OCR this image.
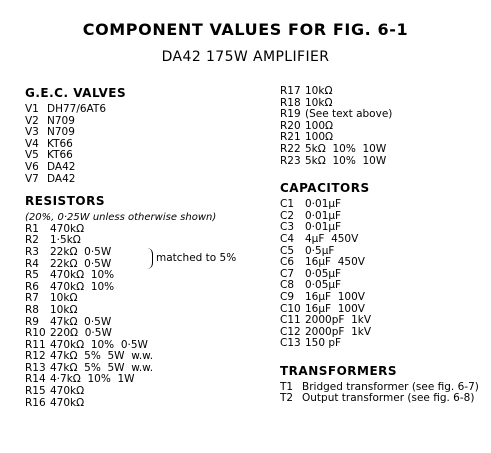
COMPONENT VALUES FOR FIG. 6-1
DA42 175W AMPLIFIER
G.E.C. VALVES
V1 DH77/6AT6
V2 N709
V3 N709
V4 KT66
V5 KT66
V6 DA42
V7 DA42
RESISTORS
(20%, 0·25W unless otherwise shown)
matched to 5%
R1	470kΩ
R2	1·5kΩ
R3	22kΩ  0·5W
R4	22kΩ  0·5W
R5	470kΩ  10%
R6	470kΩ  10%
R7	10kΩ
R8	10kΩ
R9	47kΩ  0·5W
R10 220Ω  0·5W
R11 470kΩ  10%  0·5W
R12 47kΩ  5%  5W  w.w.
R13 47kΩ  5%  5W  w.w.
R14 4·7kΩ  10%  1W
R15 470kΩ
R16 470kΩ
R17 10kΩ
R18 10kΩ
R19 (See text above)
R20 100Ω
R21 100Ω
R22 5kΩ  10%  10W
R23 5kΩ  10%  10W
CAPACITORS
C1	0·01μF
C2	0·01μF
C3	0·01μF
C4	4μF  450V
C5	0·5μF
C6	16μF  450V
C7	0·05μF
C8	0·05μF
C9	16μF  100V
C10 16μF  100V
C11 2000pF  1kV
C12 2000pF  1kV
C13 150 pF
TRANSFORMERS
T1 Bridged transformer (see fig. 6-7)
T2 Output transformer (see fig. 6-8)
